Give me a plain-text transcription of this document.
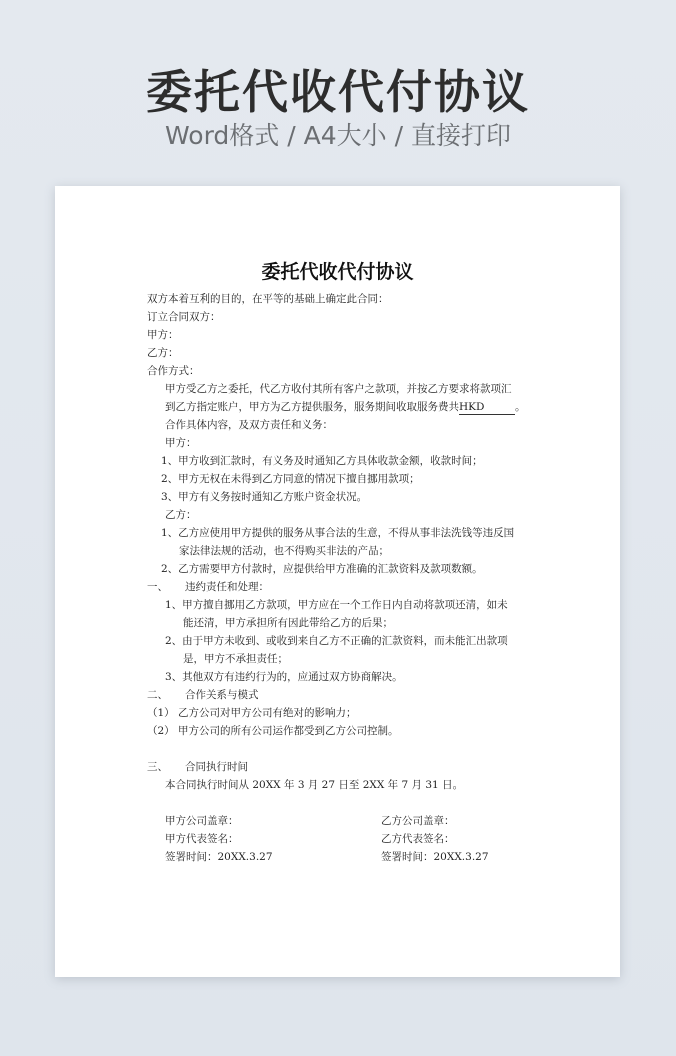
委托代收代付协议
Word格式 / A4大小 / 直接打印
委托代收代付协议
双方本着互利的目的，在平等的基础上确定此合同：
订立合同双方：
甲方：
乙方：
合作方式：
甲方受乙方之委托，代乙方收付其所有客户之款项，并按乙方要求将款项汇
到乙方指定账户，甲方为乙方提供服务，服务期间收取服务费共HKD	。
合作具体内容，及双方责任和义务：
甲方：
1、甲方收到汇款时，有义务及时通知乙方具体收款金额，收款时间；
2、甲方无权在未得到乙方同意的情况下擅自挪用款项；
3、甲方有义务按时通知乙方账户资金状况。
乙方：
1、乙方应使用甲方提供的服务从事合法的生意，不得从事非法洗钱等违反国
家法律法规的活动，也不得购买非法的产品；
2、乙方需要甲方付款时，应提供给甲方准确的汇款资料及款项数额。
一、 违约责任和处理：
1、甲方擅自挪用乙方款项，甲方应在一个工作日内自动将款项还清，如未
能还清，甲方承担所有因此带给乙方的后果；
2、由于甲方未收到、或收到来自乙方不正确的汇款资料，而未能汇出款项
是，甲方不承担责任；
3、其他双方有违约行为的，应通过双方协商解决。
二、 合作关系与模式
（1） 乙方公司对甲方公司有绝对的影响力；
（2） 甲方公司的所有公司运作都受到乙方公司控制。
三、 合同执行时间
本合同执行时间从 20XX 年 3 月 27 日至 2XX 年 7 月 31 日。
甲方公司盖章：
甲方代表签名：
签署时间：20XX.3.27
乙方公司盖章：
乙方代表签名：
签署时间：20XX.3.27
